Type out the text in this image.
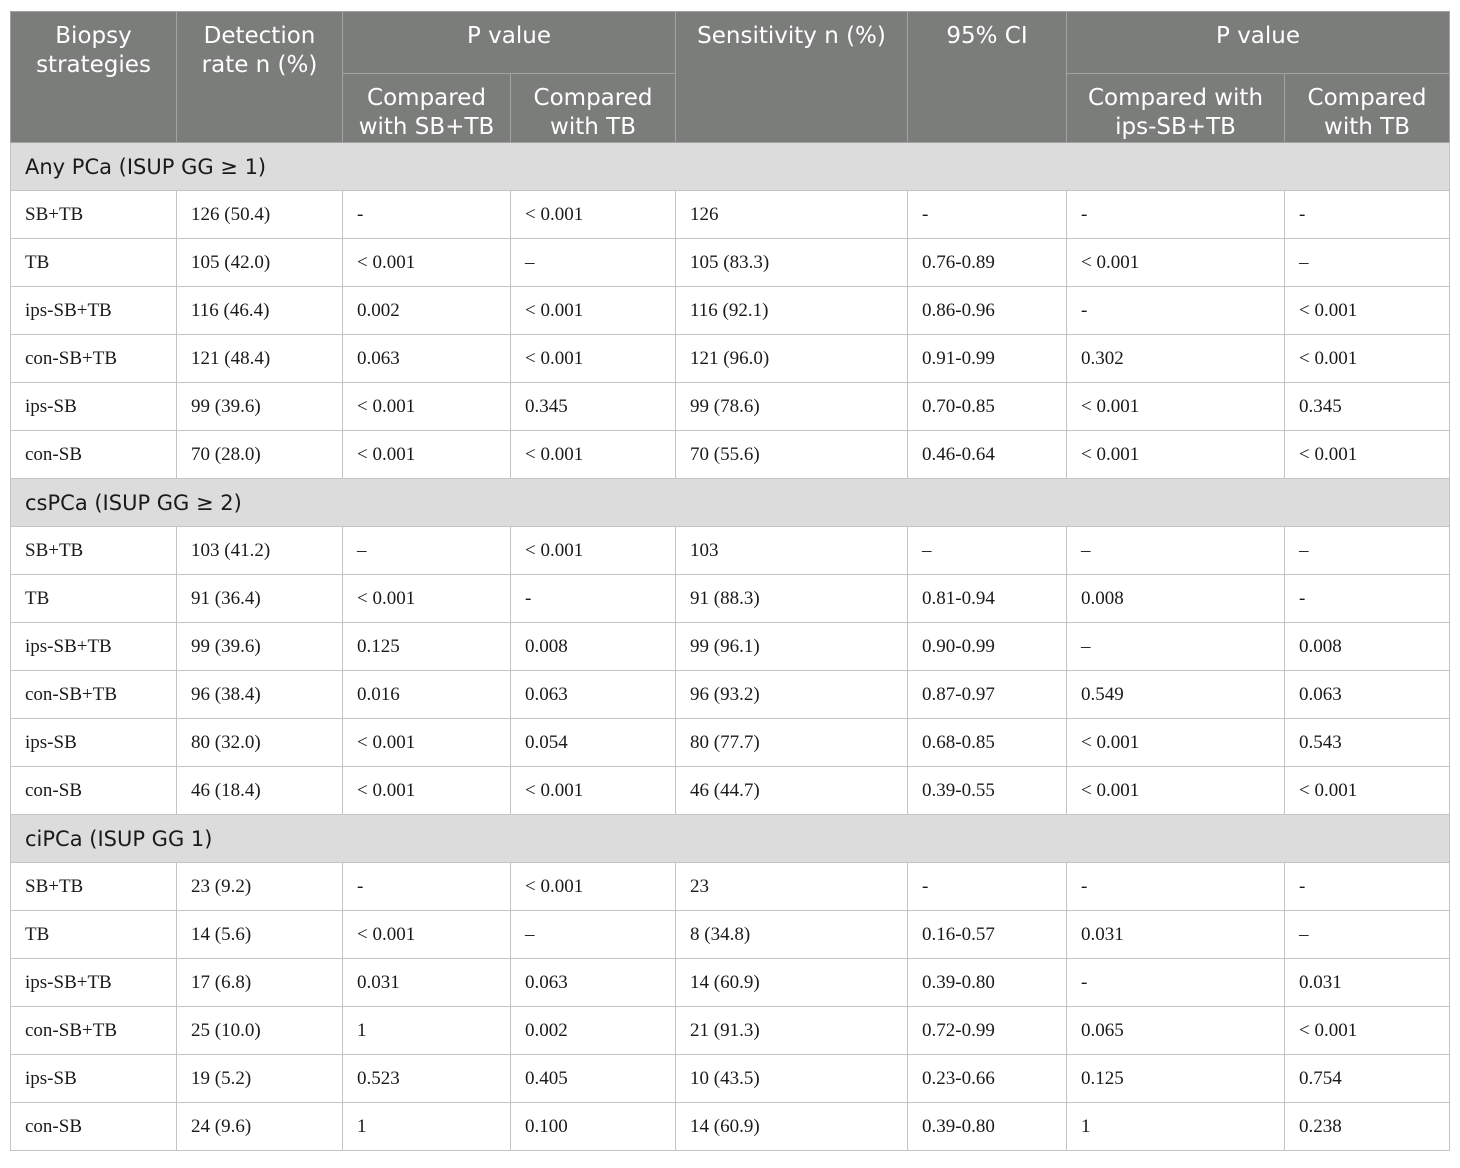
Biopsy strategies	Detection rate n (%)	P value		Sensitivity n (%)	95% CI	P value	
		Compared with SB+TB	Compared with TB			Compared with ips-SB+TB	Compared with TB
Any PCa (ISUP GG ≥ 1)							
SB+TB	126 (50.4)	-	< 0.001	126	-	-	-
TB	105 (42.0)	< 0.001	–	105 (83.3)	0.76-0.89	< 0.001	–
ips-SB+TB	116 (46.4)	0.002	< 0.001	116 (92.1)	0.86-0.96	-	< 0.001
con-SB+TB	121 (48.4)	0.063	< 0.001	121 (96.0)	0.91-0.99	0.302	< 0.001
ips-SB	99 (39.6)	< 0.001	0.345	99 (78.6)	0.70-0.85	< 0.001	0.345
con-SB	70 (28.0)	< 0.001	< 0.001	70 (55.6)	0.46-0.64	< 0.001	< 0.001
csPCa (ISUP GG ≥ 2)							
SB+TB	103 (41.2)	–	< 0.001	103	–	–	–
TB	91 (36.4)	< 0.001	-	91 (88.3)	0.81-0.94	0.008	-
ips-SB+TB	99 (39.6)	0.125	0.008	99 (96.1)	0.90-0.99	–	0.008
con-SB+TB	96 (38.4)	0.016	0.063	96 (93.2)	0.87-0.97	0.549	0.063
ips-SB	80 (32.0)	< 0.001	0.054	80 (77.7)	0.68-0.85	< 0.001	0.543
con-SB	46 (18.4)	< 0.001	< 0.001	46 (44.7)	0.39-0.55	< 0.001	< 0.001
ciPCa (ISUP GG 1)							
SB+TB	23 (9.2)	-	< 0.001	23	-	-	-
TB	14 (5.6)	< 0.001	–	8 (34.8)	0.16-0.57	0.031	–
ips-SB+TB	17 (6.8)	0.031	0.063	14 (60.9)	0.39-0.80	-	0.031
con-SB+TB	25 (10.0)	1	0.002	21 (91.3)	0.72-0.99	0.065	< 0.001
ips-SB	19 (5.2)	0.523	0.405	10 (43.5)	0.23-0.66	0.125	0.754
con-SB	24 (9.6)	1	0.100	14 (60.9)	0.39-0.80	1	0.238
